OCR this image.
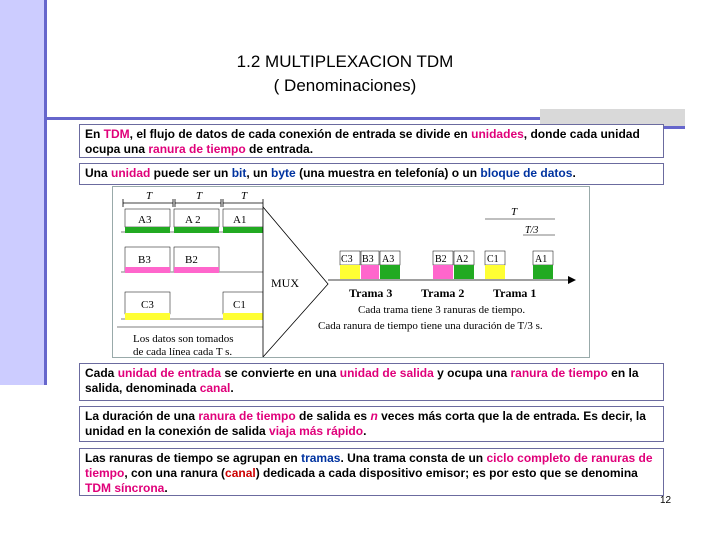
1.2 MULTIPLEXACION TDM
( Denominaciones)
En TDM, el flujo de datos de cada conexión de entrada se divide en unidades, donde cada unidad ocupa una ranura de tiempo de entrada.
Una unidad puede ser un bit, un byte (una muestra en telefonía) o un bloque de datos.
T	T	T
A3	A 2	A1
B3	B2
C3	C1
Los datos son tomados
de cada línea cada T s.
MUX
T
T/3
C3 B3 A3	B2 A2 C1	A1
Trama 3 Trama 2 Trama 1
Cada trama tiene 3 ranuras de tiempo.
Cada ranura de tiempo tiene una duración de T/3 s.
Cada unidad de entrada se convierte en una unidad de salida y ocupa una ranura de tiempo en la salida, denominada canal.
La duración de una ranura de tiempo de salida es n veces más corta que la de entrada. Es decir, la unidad en la conexión de salida viaja más rápido.
Las ranuras de tiempo se agrupan en tramas. Una trama consta de un ciclo completo de ranuras de tiempo, con una ranura (canal) dedicada a cada dispositivo emisor; es por esto que se denomina TDM síncrona.
12
